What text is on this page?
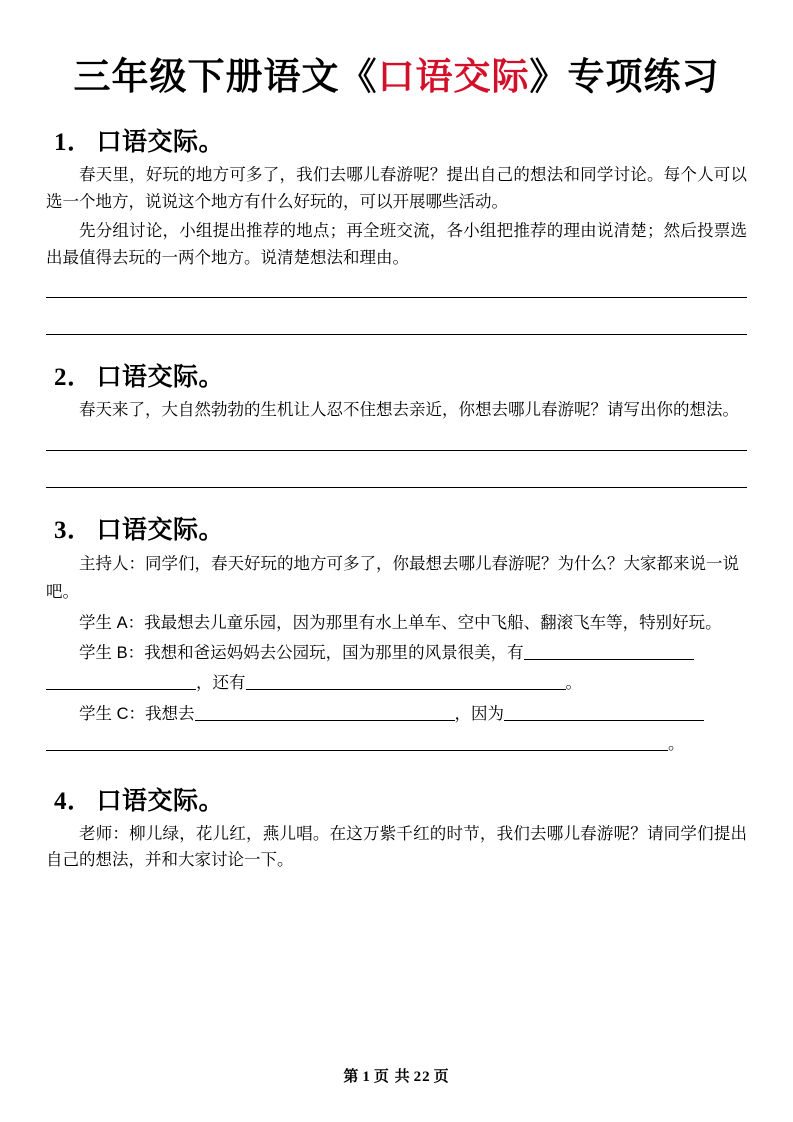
三年级下册语文《口语交际》专项练习
1． 口语交际。

春天里，好玩的地方可多了，我们去哪儿春游呢？提出自己的想法和同学讨论。每个人可以选一个地方，说说这个地方有什么好玩的，可以开展哪些活动。

先分组讨论，小组提出推荐的地点；再全班交流，各小组把推荐的理由说清楚；然后投票选出最值得去玩的一两个地方。说清楚想法和理由。

2． 口语交际。

春天来了，大自然勃勃的生机让人忍不住想去亲近，你想去哪儿春游呢？请写出你的想法。

3． 口语交际。

主持人：同学们，春天好玩的地方可多了，你最想去哪儿春游呢？为什么？大家都来说一说吧。

学生 A：我最想去儿童乐园，因为那里有水上单车、空中飞船、翻滚飞车等，特别好玩。

学生 B：我想和爸运妈妈去公园玩，国为那里的风景很美，有

，还有	。

学生 C：我想去	，因为

。

4． 口语交际。

老师：柳儿绿，花儿红，燕儿唱。在这万紫千红的时节，我们去哪儿春游呢？请同学们提出自己的想法，并和大家讨论一下。

第 1 页 共 22 页
